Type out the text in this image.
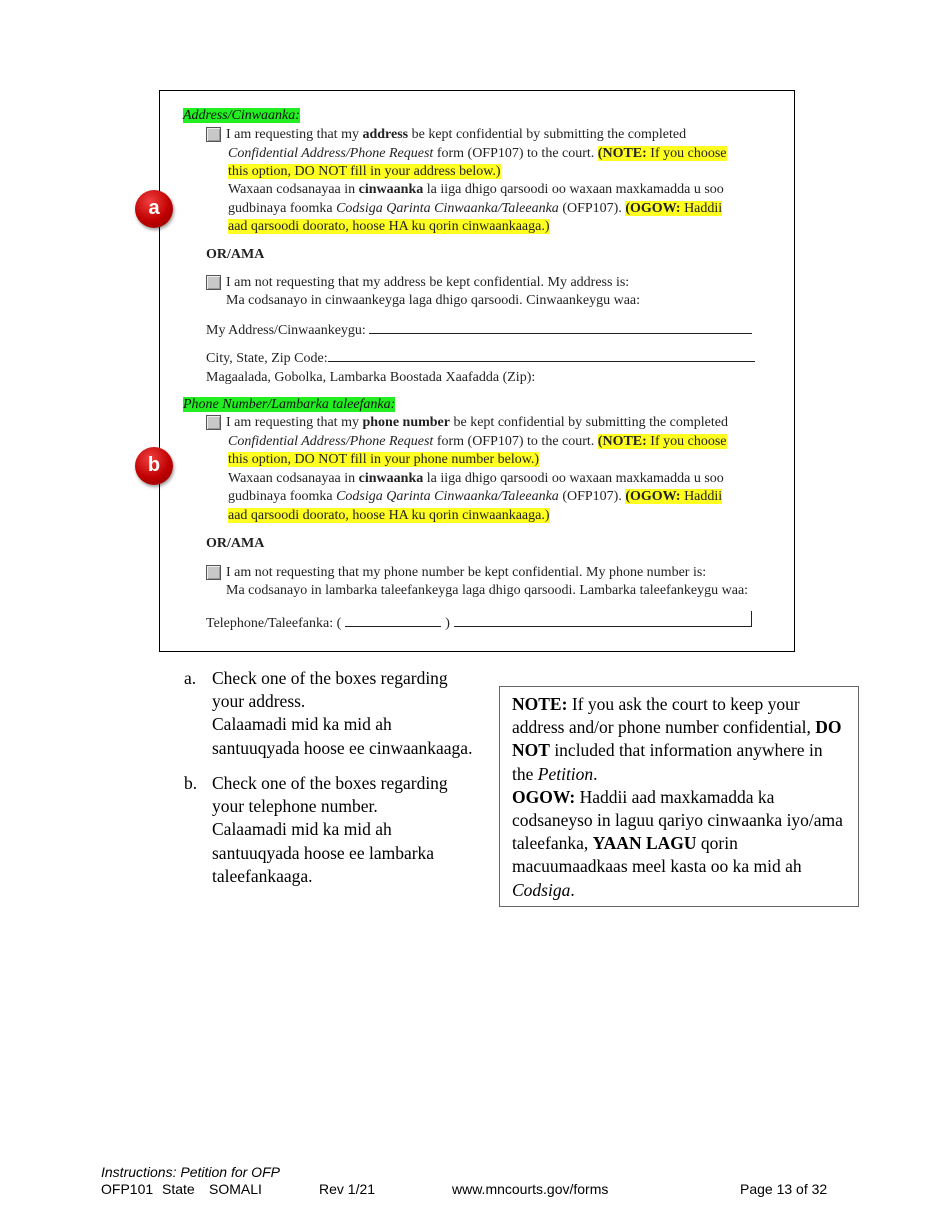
Address/Cinwaanka:
I am requesting that my address be kept confidential by submitting the completed
Confidential Address/Phone Request form (OFP107) to the court. (NOTE: If you choose
this option, DO NOT fill in your address below.)
Waxaan codsanayaa in cinwaanka la iiga dhigo qarsoodi oo waxaan maxkamadda u soo
gudbinaya foomka Codsiga Qarinta Cinwaanka/Taleeanka (OFP107). (OGOW: Haddii
aad qarsoodi doorato, hoose HA ku qorin cinwaankaaga.)
OR/AMA
I am not requesting that my address be kept confidential. My address is:
Ma codsanayo in cinwaankeyga laga dhigo qarsoodi. Cinwaankeygu waa:
My Address/Cinwaankeygu:
City, State, Zip Code:
Magaalada, Gobolka, Lambarka Boostada Xaafadda (Zip):
Phone Number/Lambarka taleefanka:
I am requesting that my phone number be kept confidential by submitting the completed
Confidential Address/Phone Request form (OFP107) to the court. (NOTE: If you choose
this option, DO NOT fill in your phone number below.)
Waxaan codsanayaa in cinwaanka la iiga dhigo qarsoodi oo waxaan maxkamadda u soo
gudbinaya foomka Codsiga Qarinta Cinwaanka/Taleeanka (OFP107). (OGOW: Haddii
aad qarsoodi doorato, hoose HA ku qorin cinwaankaaga.)
OR/AMA
I am not requesting that my phone number be kept confidential. My phone number is:
Ma codsanayo in lambarka taleefankeyga laga dhigo qarsoodi. Lambarka taleefankeygu waa:
Telephone/Taleefanka: (	)
a
b
a. Check one of the boxes regarding
your address.
Calaamadi mid ka mid ah
santuuqyada hoose ee cinwaankaaga.
b. Check one of the boxes regarding
your telephone number.
Calaamadi mid ka mid ah
santuuqyada hoose ee lambarka
taleefankaaga.
NOTE: If you ask the court to keep your address and/or phone number confidential, DO NOT included that information anywhere in the Petition.
OGOW: Haddii aad maxkamadda ka codsaneyso in laguu qariyo cinwaanka iyo/ama taleefanka, YAAN LAGU qorin macuumaadkaas meel kasta oo ka mid ah Codsiga.
Instructions: Petition for OFP
OFP101 State SOMALI	Rev 1/21	www.mncourts.gov/forms	Page 13 of 32
